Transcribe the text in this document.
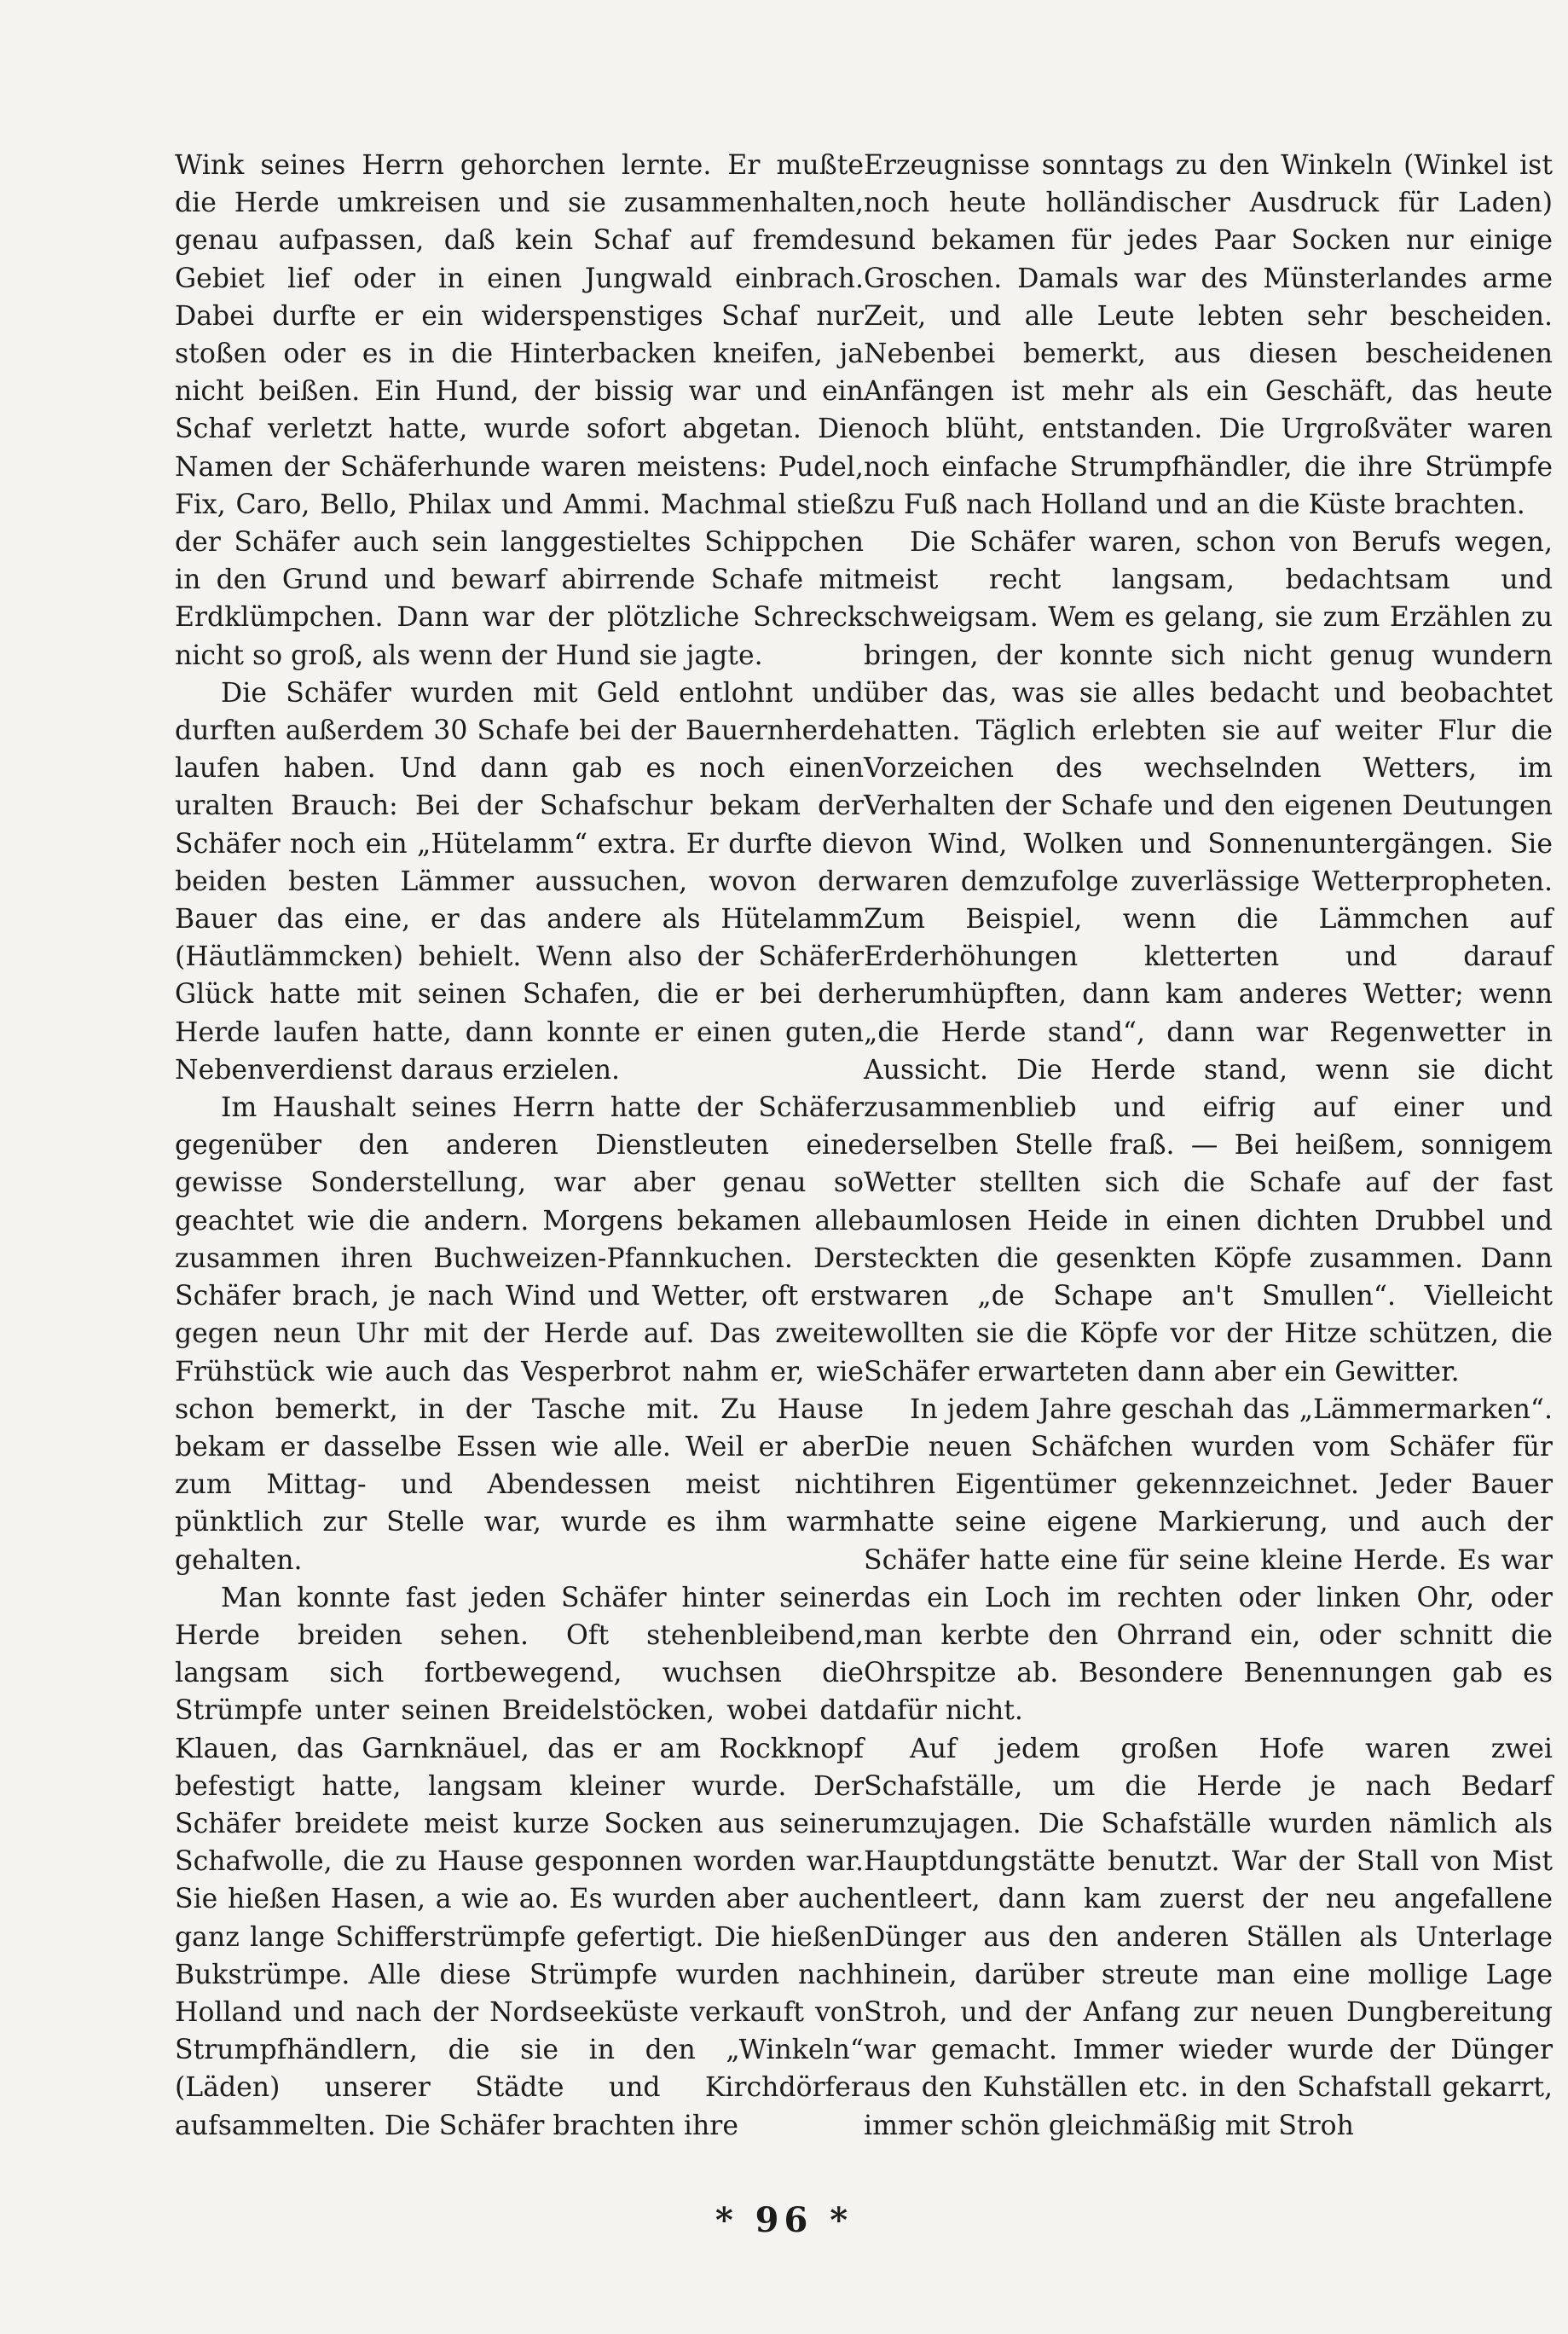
Wink seines Herrn gehorchen lernte. Er mußte die Herde umkreisen und sie zusammenhalten, genau aufpassen, daß kein Schaf auf fremdes Gebiet lief oder in einen Jungwald einbrach. Dabei durfte er ein widerspenstiges Schaf nur stoßen oder es in die Hinterbacken kneifen, ja nicht beißen. Ein Hund, der bissig war und ein Schaf verletzt hatte, wurde sofort abgetan. Die Namen der Schäferhunde waren meistens: Pudel, Fix, Caro, Bello, Philax und Ammi. Machmal stieß der Schäfer auch sein langgestieltes Schippchen in den Grund und bewarf abirrende Schafe mit Erdklümpchen. Dann war der plötzliche Schreck nicht so groß, als wenn der Hund sie jagte.

Die Schäfer wurden mit Geld entlohnt und durften außerdem 30 Schafe bei der Bauernherde laufen haben. Und dann gab es noch einen uralten Brauch: Bei der Schafschur bekam der Schäfer noch ein „Hütelamm“ extra. Er durfte die beiden besten Lämmer aussuchen, wovon der Bauer das eine, er das andere als Hütelamm (Häutlämmcken) behielt. Wenn also der Schäfer Glück hatte mit seinen Schafen, die er bei der Herde laufen hatte, dann konnte er einen guten Nebenverdienst daraus erzielen.

Im Haushalt seines Herrn hatte der Schäfer gegenüber den anderen Dienstleuten eine gewisse Sonderstellung, war aber genau so geachtet wie die andern. Morgens bekamen alle zusammen ihren Buchweizen-Pfannkuchen. Der Schäfer brach, je nach Wind und Wetter, oft erst gegen neun Uhr mit der Herde auf. Das zweite Frühstück wie auch das Vesperbrot nahm er, wie schon bemerkt, in der Tasche mit. Zu Hause bekam er dasselbe Essen wie alle. Weil er aber zum Mittag- und Abendessen meist nicht pünktlich zur Stelle war, wurde es ihm warm gehalten.

Man konnte fast jeden Schäfer hinter seiner Herde breiden sehen. Oft stehenbleibend, langsam sich fortbewegend, wuchsen die Strümpfe unter seinen Breidelstöcken, wobei dat Klauen, das Garnknäuel, das er am Rockknopf befestigt hatte, langsam kleiner wurde. Der Schäfer breidete meist kurze Socken aus seiner Schafwolle, die zu Hause gesponnen worden war. Sie hießen Hasen, a wie ao. Es wurden aber auch ganz lange Schifferstrümpfe gefertigt. Die hießen Bukstrümpe. Alle diese Strümpfe wurden nach Holland und nach der Nordseeküste verkauft von Strumpfhändlern, die sie in den „Winkeln“ (Läden) unserer Städte und Kirchdörfer aufsammelten. Die Schäfer brachten ihre

Erzeugnisse sonntags zu den Winkeln (Winkel ist noch heute holländischer Ausdruck für Laden) und bekamen für jedes Paar Socken nur einige Groschen. Damals war des Münsterlandes arme Zeit, und alle Leute lebten sehr bescheiden. Nebenbei bemerkt, aus diesen bescheidenen Anfängen ist mehr als ein Geschäft, das heute noch blüht, entstanden. Die Urgroßväter waren noch einfache Strumpfhändler, die ihre Strümpfe zu Fuß nach Holland und an die Küste brachten.

Die Schäfer waren, schon von Berufs wegen, meist recht langsam, bedachtsam und schweigsam. Wem es gelang, sie zum Erzählen zu bringen, der konnte sich nicht genug wundern über das, was sie alles bedacht und beobachtet hatten. Täglich erlebten sie auf weiter Flur die Vorzeichen des wechselnden Wetters, im Verhalten der Schafe und den eigenen Deutungen von Wind, Wolken und Sonnenuntergängen. Sie waren demzufolge zuverlässige Wetterpropheten. Zum Beispiel, wenn die Lämmchen auf Erderhöhungen kletterten und darauf herumhüpften, dann kam anderes Wetter; wenn „die Herde stand“, dann war Regenwetter in Aussicht. Die Herde stand, wenn sie dicht zusammenblieb und eifrig auf einer und derselben Stelle fraß. — Bei heißem, sonnigem Wetter stellten sich die Schafe auf der fast baumlosen Heide in einen dichten Drubbel und steckten die gesenkten Köpfe zusammen. Dann waren „de Schape an't Smullen“. Vielleicht wollten sie die Köpfe vor der Hitze schützen, die Schäfer erwarteten dann aber ein Gewitter.

In jedem Jahre geschah das „Lämmermarken“. Die neuen Schäfchen wurden vom Schäfer für ihren Eigentümer gekennzeichnet. Jeder Bauer hatte seine eigene Markierung, und auch der Schäfer hatte eine für seine kleine Herde. Es war das ein Loch im rechten oder linken Ohr, oder man kerbte den Ohrrand ein, oder schnitt die Ohrspitze ab. Besondere Benennungen gab es dafür nicht.

Auf jedem großen Hofe waren zwei Schafställe, um die Herde je nach Bedarf umzujagen. Die Schafställe wurden nämlich als Hauptdungstätte benutzt. War der Stall von Mist entleert, dann kam zuerst der neu angefallene Dünger aus den anderen Ställen als Unterlage hinein, darüber streute man eine mollige Lage Stroh, und der Anfang zur neuen Dungbereitung war gemacht. Immer wieder wurde der Dünger aus den Kuhställen etc. in den Schafstall gekarrt, immer schön gleichmäßig mit Stroh

* 96 *
